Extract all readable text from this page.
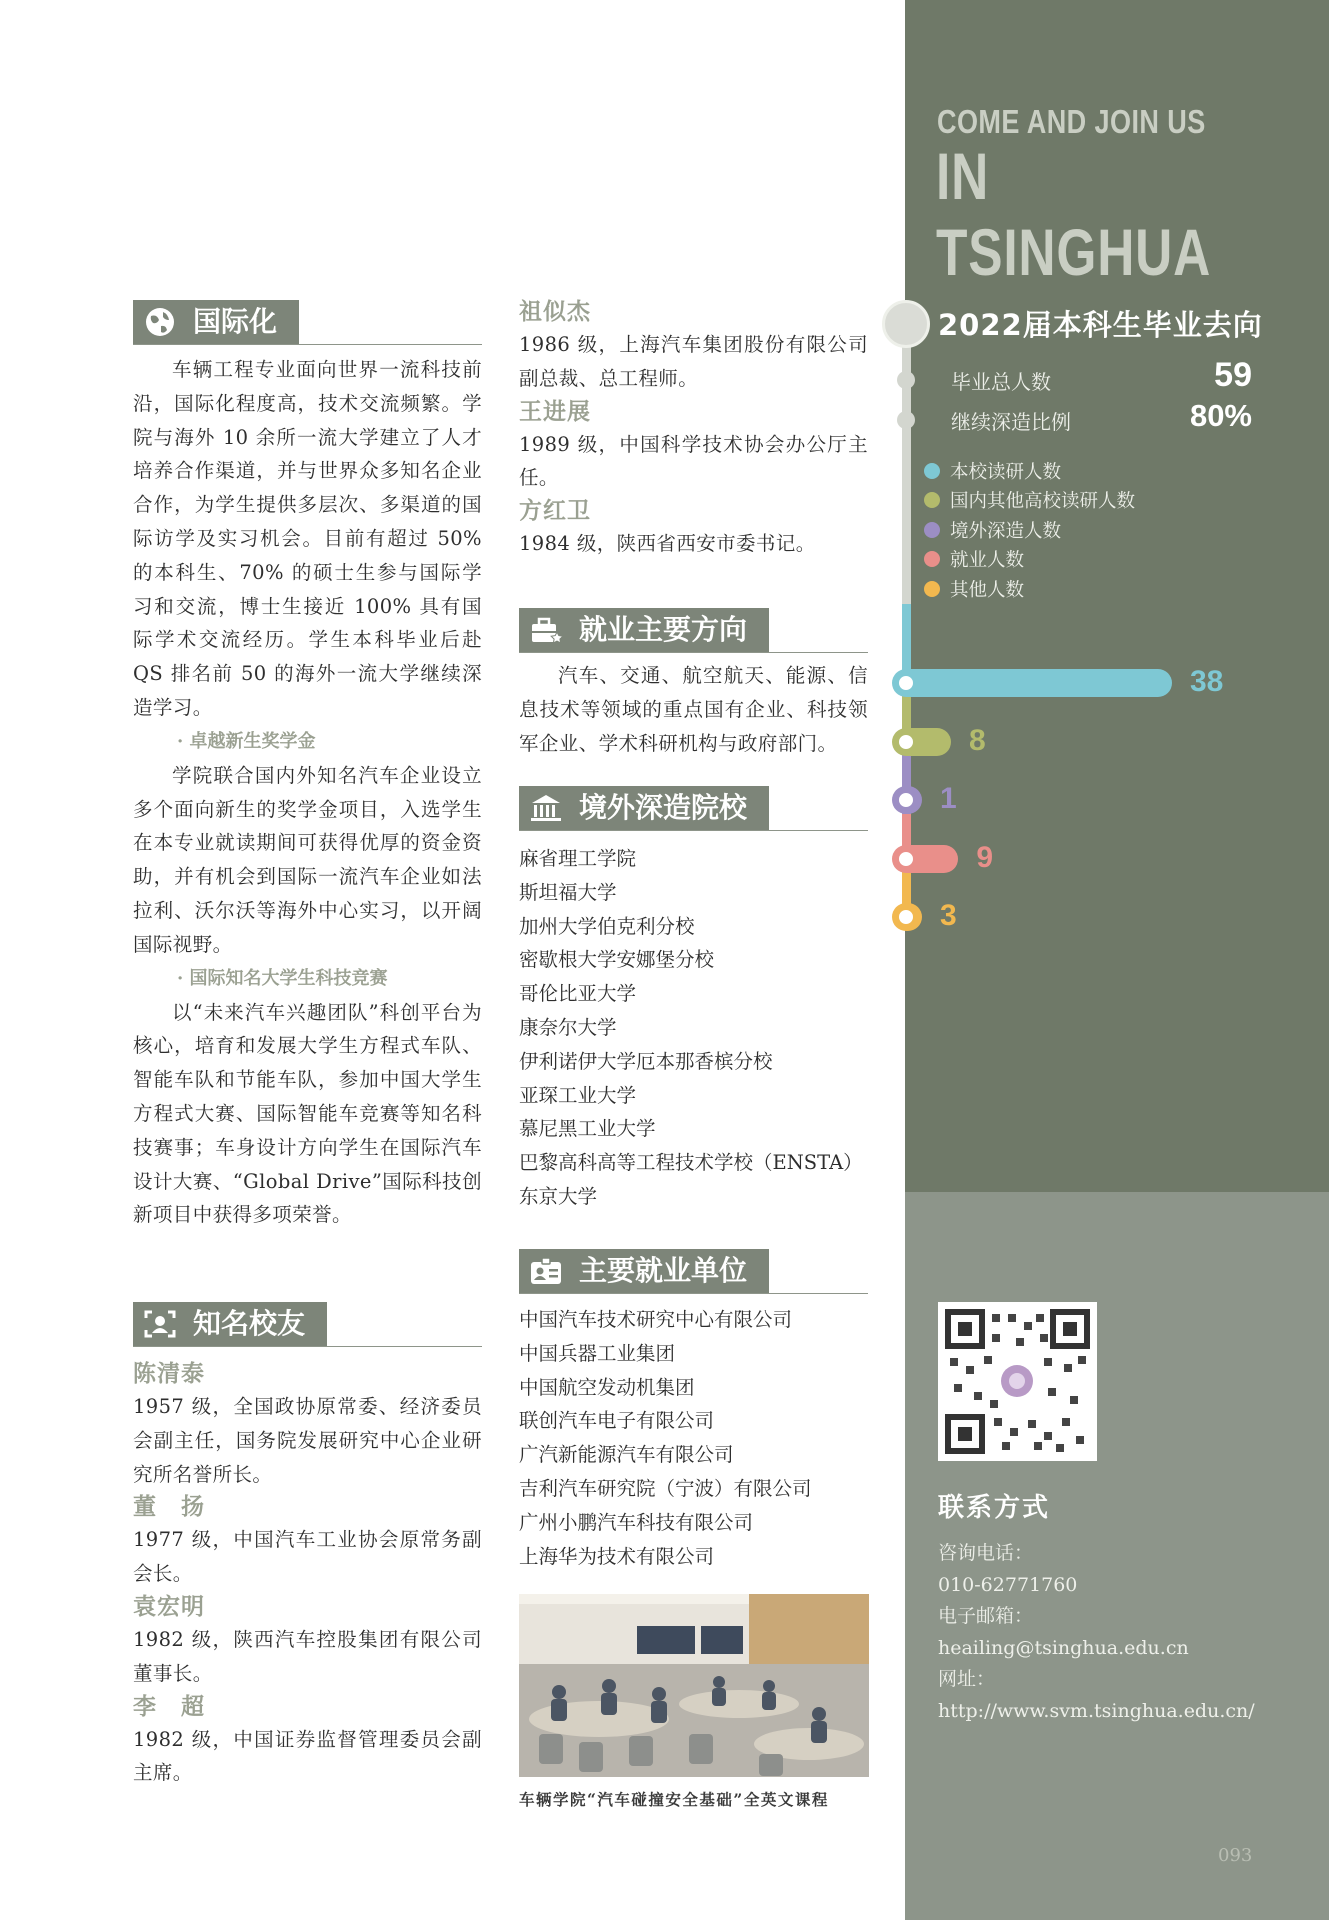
COME AND JOIN US
IN TSINGHUA
2022届本科生毕业去向
毕业总人数	59
继续深造比例	80%
本校读研人数
国内其他高校读研人数
境外深造人数
就业人数
其他人数
38
8
1
9
3
联系方式

咨询电话：

010-62771760

电子邮箱：

heailing@tsinghua.edu.cn

网址：

http://www.svm.tsinghua.edu.cn/

093
国际化

车辆工程专业面向世界一流科技前沿，国际化程度高，技术交流频繁。学院与海外 10 余所一流大学建立了人才培养合作渠道，并与世界众多知名企业合作，为学生提供多层次、多渠道的国际访学及实习机会。目前有超过 50% 的本科生、70% 的硕士生参与国际学习和交流，博士生接近 100% 具有国际学术交流经历。学生本科毕业后赴 QS 排名前 50 的海外一流大学继续深造学习。

· 卓越新生奖学金

学院联合国内外知名汽车企业设立多个面向新生的奖学金项目，入选学生在本专业就读期间可获得优厚的资金资助，并有机会到国际一流汽车企业如法拉利、沃尔沃等海外中心实习，以开阔国际视野。

· 国际知名大学生科技竞赛

以“未来汽车兴趣团队”科创平台为核心，培育和发展大学生方程式车队、智能车队和节能车队，参加中国大学生方程式大赛、国际智能车竞赛等知名科技赛事；车身设计方向学生在国际汽车设计大赛、“Global Drive”国际科技创新项目中获得多项荣誉。

知名校友

陈清泰

1957 级，全国政协原常委、经济委员会副主任，国务院发展研究中心企业研究所名誉所长。

董　扬

1977 级，中国汽车工业协会原常务副会长。

袁宏明

1982 级，陕西汽车控股集团有限公司董事长。

李　超

1982 级，中国证券监督管理委员会副主席。

祖似杰

1986 级，上海汽车集团股份有限公司副总裁、总工程师。

王进展

1989 级，中国科学技术协会办公厅主任。

方红卫

1984 级，陕西省西安市委书记。

就业主要方向

汽车、交通、航空航天、能源、信息技术等领域的重点国有企业、科技领军企业、学术科研机构与政府部门。

境外深造院校

麻省理工学院

斯坦福大学

加州大学伯克利分校

密歇根大学安娜堡分校

哥伦比亚大学

康奈尔大学

伊利诺伊大学厄本那香槟分校

亚琛工业大学

慕尼黑工业大学

巴黎高科高等工程技术学校（ENSTA）

东京大学

主要就业单位

中国汽车技术研究中心有限公司

中国兵器工业集团

中国航空发动机集团

联创汽车电子有限公司

广汽新能源汽车有限公司

吉利汽车研究院（宁波）有限公司

广州小鹏汽车科技有限公司

上海华为技术有限公司

车辆学院“汽车碰撞安全基础”全英文课程
